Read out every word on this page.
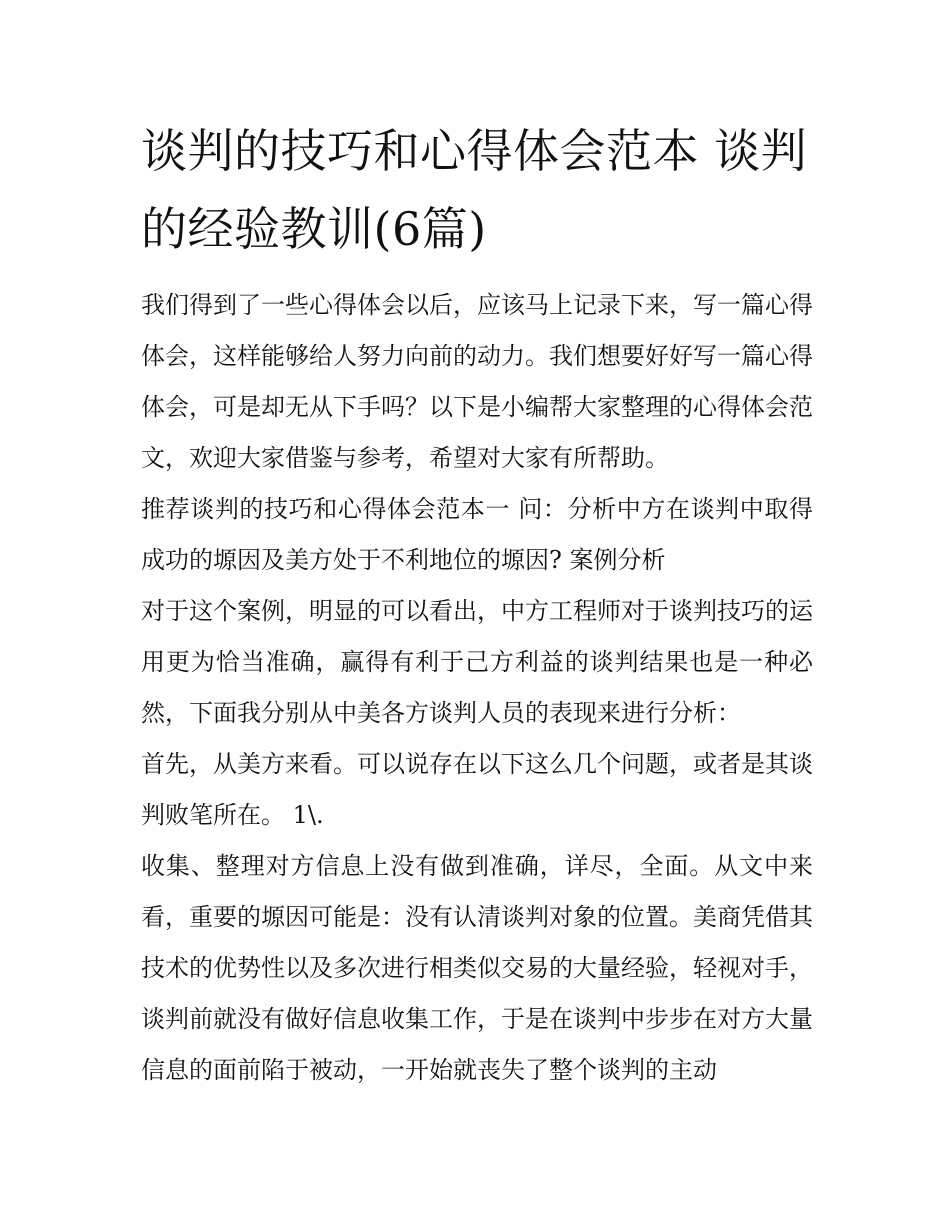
谈判的技巧和心得体会范本 谈判的经验教训(6篇)

我们得到了一些心得体会以后，应该马上记录下来，写一篇心得体会，这样能够给人努力向前的动力。我们想要好好写一篇心得体会，可是却无从下手吗？以下是小编帮大家整理的心得体会范文，欢迎大家借鉴与参考，希望对大家有所帮助。

推荐谈判的技巧和心得体会范本一 问：分析中方在谈判中取得成功的塬因及美方处于不利地位的塬因? 案例分析

对于这个案例，明显的可以看出，中方工程师对于谈判技巧的运用更为恰当准确，赢得有利于己方利益的谈判结果也是一种必然，下面我分别从中美各方谈判人员的表现来进行分析：

首先，从美方来看。可以说存在以下这么几个问题，或者是其谈判败笔所在。 1\.

收集、整理对方信息上没有做到准确，详尽，全面。从文中来看，重要的塬因可能是：没有认清谈判对象的位置。美商凭借其技术的优势性以及多次进行相类似交易的大量经验，轻视对手，谈判前就没有做好信息收集工作，于是在谈判中步步在对方大量信息的面前陷于被动，一开始就丧失了整个谈判的主动
